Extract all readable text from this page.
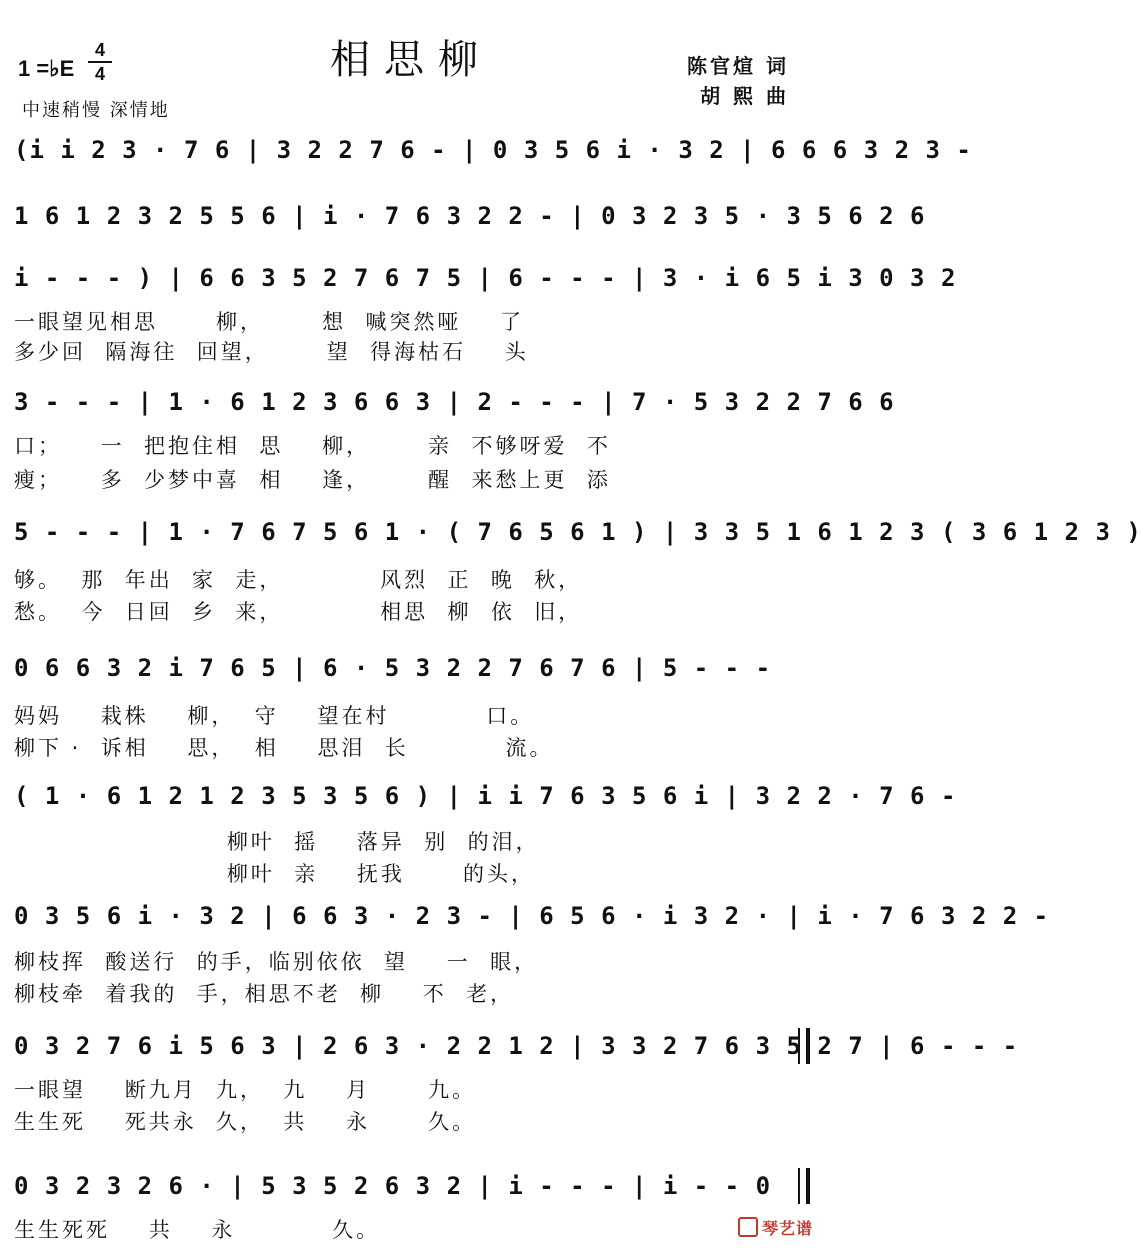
1 =♭E
4
4
中速稍慢 深情地
相思柳	陈官煊 词
胡 熙 曲
(i i 2 3 · 7 6 | 3 2 2 7 6 - | 0 3 5 6 i · 3 2 | 6 6 6 3 2 3 -
1 6 1 2 3 2 5 5 6 | i · 7 6 3 2 2 - | 0 3 2 3 5 · 3 5 6 2 6
i - - - ) | 6 6 3 5 2 7 6 7 5 | 6 - - - | 3 · i 6 5 i 3 0 3 2
一眼望见相思      柳，      想  喊突然哑    了
多少回  隔海往  回望，      望  得海枯石    头
3 - - - | 1 · 6 1 2 3 6 6 3 | 2 - - - | 7 · 5 3 2 2 7 6 6
口；    一  把抱住相  思    柳，      亲  不够呀爱  不
瘦；    多  少梦中喜  相    逢，      醒  来愁上更  添
5 - - - | 1 · 7 6 7 5 6 1 · ( 7 6 5 6 1 ) | 3 3 5 1 6 1 2 3 ( 3 6 1 2 3 )
够。  那  年出  家  走，          风烈  正  晚  秋，
愁。  今  日回  乡  来，          相思  柳  依  旧，
0 6 6 3 2 i 7 6 5 | 6 · 5 3 2 2 7 6 7 6 | 5 - - -
妈妈    栽株    柳，  守    望在村          口。
柳下 ·  诉相    思，  相    思泪  长          流。
( 1 · 6 1 2 1 2 3 5 3 5 6 ) | i i 7 6 3 5 6 i | 3 2 2 · 7 6 -
柳叶  摇    落异  别  的泪，
柳叶  亲    抚我      的头，
0 3 5 6 i · 3 2 | 6 6 3 · 2 3 - | 6 5 6 · i 3 2 · | i · 7 6 3 2 2 -
柳枝挥  酸送行  的手，临别依依  望    一  眼，
柳枝牵  着我的  手，相思不老  柳    不  老，
0 3 2 7 6 i 5 6 3 | 2 6 3 · 2 2 1 2 | 3 3 2 7 6 3 5 2 7 | 6 - - -
一眼望    断九月  九，  九    月      九。
生生死    死共永  久，  共    永      久。
0 3 2 3 2 6 · | 5 3 5 2 6 3 2 | i - - - | i - - 0
生生死死    共    永          久。	琴艺谱
